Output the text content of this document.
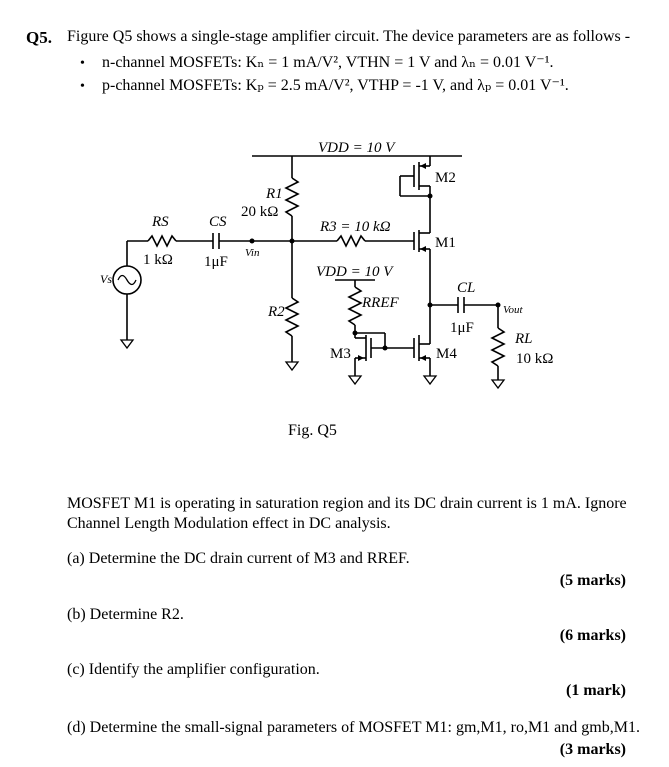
Q5. Figure Q5 shows a single-stage amplifier circuit. The device parameters are as follows -
• n-channel MOSFETs: Kₙ = 1 mA/V², VTHN = 1 V and λₙ = 0.01 V⁻¹.
• p-channel MOSFETs: Kₚ = 2.5 mA/V², VTHP = -1 V, and λₚ = 0.01 V⁻¹.
VDD = 10 V
R1
20 kΩ
R2
RS
1 kΩ
CS
1μF
Vin
Vs
R3 = 10 kΩ
M1
M2
CL
1μF
Vout
RL
10 kΩ
VDD = 10 V
RREF
M3	M4
Fig. Q5
MOSFET M1 is operating in saturation region and its DC drain current is 1 mA. Ignore Channel Length Modulation effect in DC analysis.
(a) Determine the DC drain current of M3 and RREF.
(5 marks)
(b) Determine R2.
(6 marks)
(c) Identify the amplifier configuration.
(1 mark)
(d) Determine the small-signal parameters of MOSFET M1: gm,M1, ro,M1 and gmb,M1.
(3 marks)
